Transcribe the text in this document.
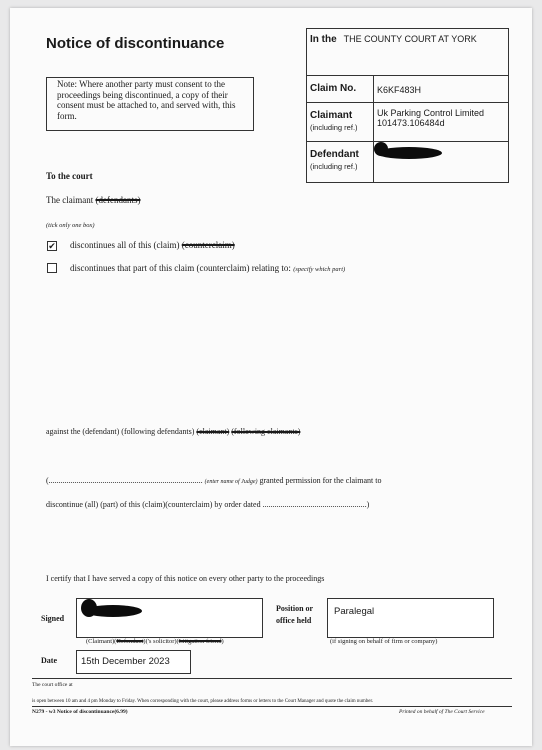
Notice of discontinuance
Note: Where another party must consent to the proceedings being discontinued, a copy of their consent must be attached to, and served with, this form.
In the THE COUNTY COURT AT YORK	
Claim No.	K6KF483H
Claimant
(including ref.)	Uk Parking Control Limited
101473.106484d

Defendant
(including ref.)	

To the court
The claimant (defendants)
(tick only one box)
✔ discontinues all of this (claim) (counterclaim)
discontinues that part of this claim (counterclaim) relating to: (specify which part)
against the (defendant) (following defendants) (claimant) (following claimants)
(............................................................................. (enter name of Judge) granted permission for the claimant to
discontinue (all) (part) of this (claim)(counterclaim) by order dated ....................................................)
I certify that I have served a copy of this notice on every other party to the proceedings
Signed
(Claimant)(Defendant)('s solicitor)(Litigation friend)
Position or
office held
Paralegal
(if signing on behalf of firm or company)
Date	15th December 2023
The court office at
is open between 10 am and 4 pm Monday to Friday. When corresponding with the court, please address forms or letters to the Court Manager and quote the claim number.
N279 - w3 Notice of discontinuance(6.99)	Printed on behalf of The Court Service
